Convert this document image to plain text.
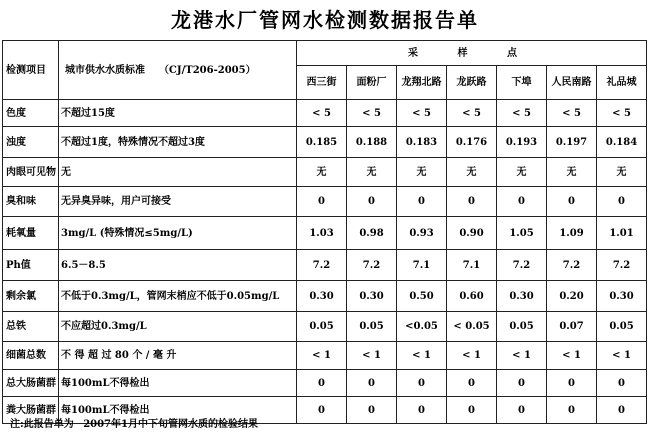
龙港水厂管网水检测数据报告单
检测项目	城市供水水质标准 （CJ/T206-2005）	采 样 点						
		西三街	面粉厂	龙翔北路	龙跃路	下埠	人民南路	礼品城
色度	不超过15度	< 5	< 5	< 5	< 5	< 5	< 5	< 5
浊度	不超过1度，特殊情况不超过3度	0.185	0.188	0.183	0.176	0.193	0.197	0.184
肉眼可见物	无	无	无	无	无	无	无	无
臭和味	无异臭异味，用户可接受	0	0	0	0	0	0	0
耗氧量	3mg/L (特殊情况≤5mg/L)	1.03	0.98	0.93	0.90	1.05	1.09	1.01
Ph值	6.5－8.5	7.2	7.2	7.1	7.1	7.2	7.2	7.2
剩余氯	不低于0.3mg/L，管网末梢应不低于0.05mg/L	0.30	0.30	0.50	0.60	0.30	0.20	0.30
总铁	不应超过0.3mg/L	0.05	0.05	<0.05	< 0.05	0.05	0.07	0.05
细菌总数	不 得 超 过 80 个 / 毫 升	< 1	< 1	< 1	< 1	< 1	< 1	< 1
总大肠菌群	每100mL不得检出	0	0	0	0	0	0	0
粪大肠菌群	每100mL不得检出	0	0	0	0	0	0	0
注:此报告单为 2007年1月中下旬管网水质的检验结果
